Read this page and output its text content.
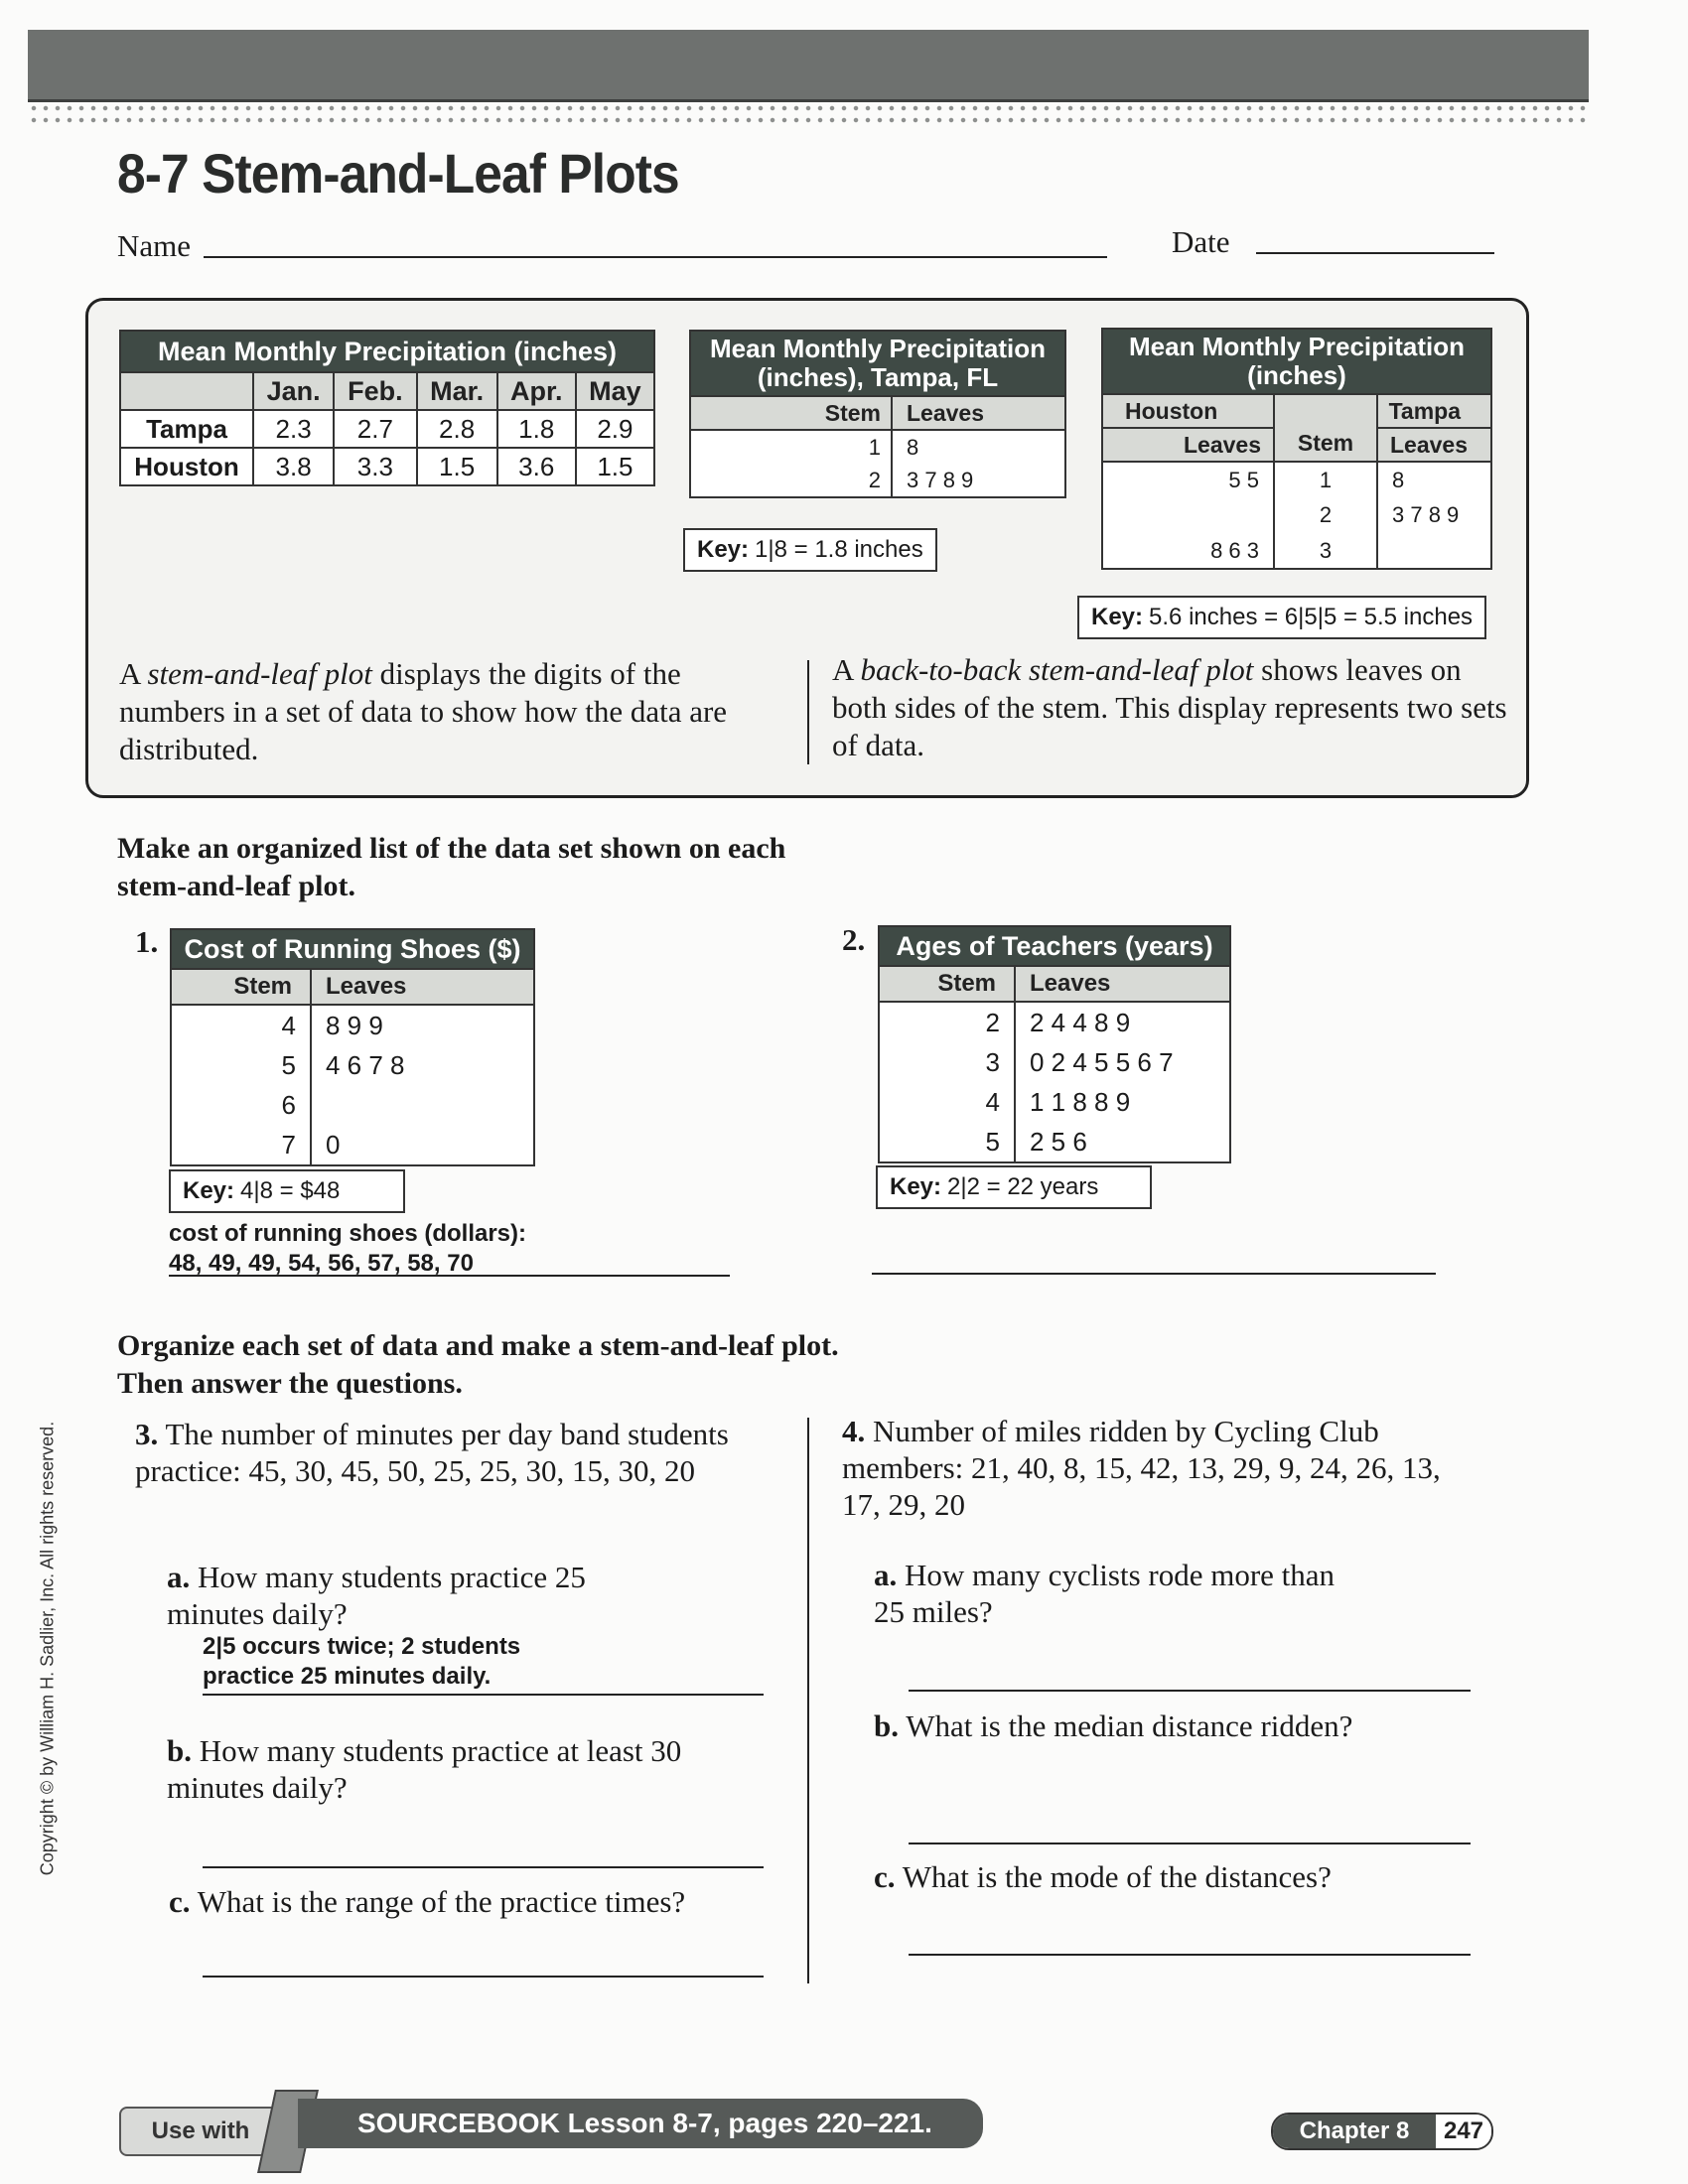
8-7 Stem-and-Leaf Plots
Name	Date
Mean Monthly Precipitation (inches)					
	Jan.	Feb.	Mar.	Apr.	May
Tampa	2.3	2.7	2.8	1.8	2.9
Houston	3.8	3.3	1.5	3.6	1.5
Mean Monthly Precipitation
(inches), Tampa, FL	

Stem	Leaves
1	8
2	3 7 8 9
Key: 1|8 = 1.8 inches
Mean Monthly Precipitation
(inches)		

Houston	Stem	Tampa
Leaves		Leaves
5 5	1	8
	2	3 7 8 9
8 6 3	3	
Key: 5.6 inches = 6|5|5 = 5.5 inches
A stem-and-leaf plot displays the digits of the numbers in a set of data to show how the data are distributed.
A back-to-back stem-and-leaf plot shows leaves on both sides of the stem. This display represents two sets of data.
Make an organized list of the data set shown on each
stem-and-leaf plot.
1. Cost of Running Shoes ($)	
Stem	Leaves
4	8 9 9
5	4 6 7 8
6	
7	0
Key: 4|8 = $48
cost of running shoes (dollars):
48, 49, 49, 54, 56, 57, 58, 70
2. Ages of Teachers (years)	
Stem	Leaves
2	2 4 4 8 9
3	0 2 4 5 5 6 7
4	1 1 8 8 9
5	2 5 6
Key: 2|2 = 22 years
Organize each set of data and make a stem-and-leaf plot.
Then answer the questions.
3. The number of minutes per day band students practice: 45, 30, 45, 50, 25, 25, 30, 15, 30, 20
a. How many students practice 25 minutes daily?
2|5 occurs twice; 2 students practice 25 minutes daily.
b. How many students practice at least 30 minutes daily?
c. What is the range of the practice times?
4. Number of miles ridden by Cycling Club members: 21, 40, 8, 15, 42, 13, 29, 9, 24, 26, 13, 17, 29, 20
a. How many cyclists rode more than 25 miles?
b. What is the median distance ridden?
c. What is the mode of the distances?
Use with	SOURCEBOOK Lesson 8-7, pages 220–221.	Chapter 8	247
Copyright © by William H. Sadlier, Inc. All rights reserved.
